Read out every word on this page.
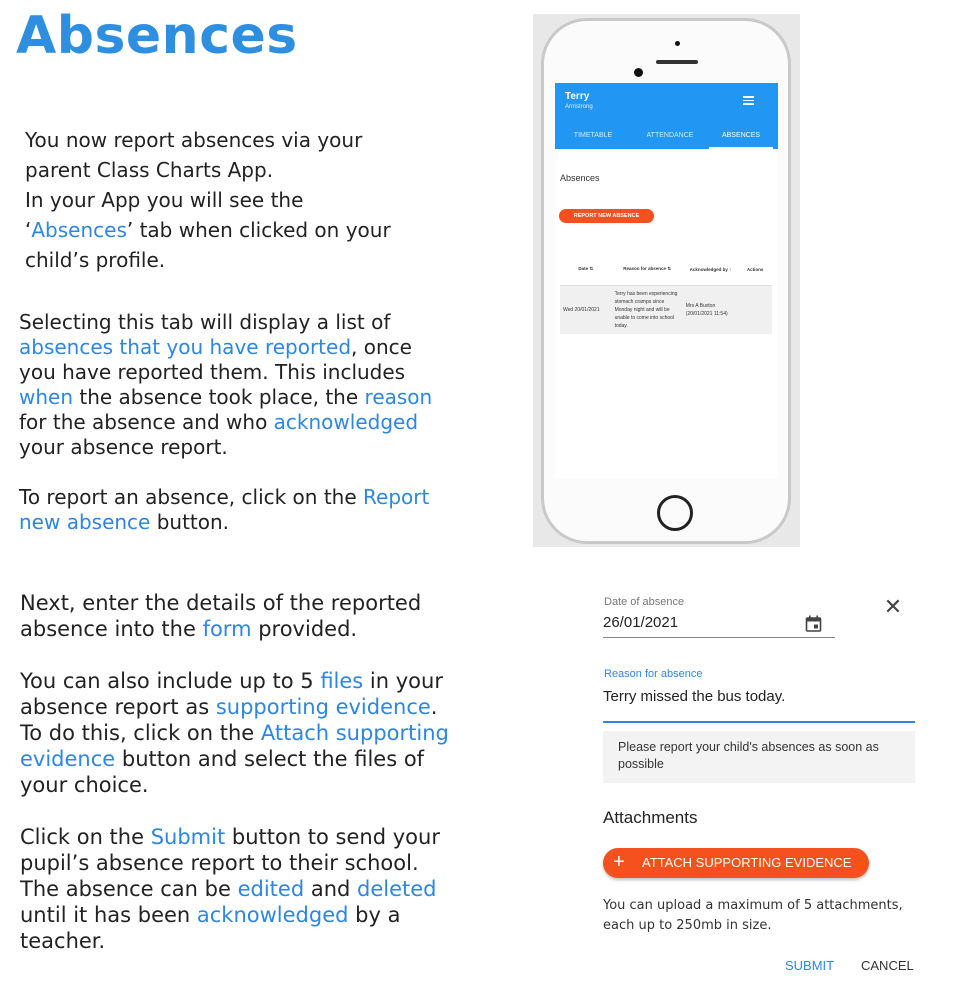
Absences
You now report absences via your
parent Class Charts App.
In your App you will see the
‘Absences’ tab when clicked on your
child’s profile.
Selecting this tab will display a list of absences that you have reported, once you have reported them. This includes when the absence took place, the reason for the absence and who acknowledged your absence report.
To report an absence, click on the Report new absence button.
Next, enter the details of the reported absence into the form provided.
You can also include up to 5 files in your absence report as supporting evidence. To do this, click on the Attach supporting evidence button and select the files of your choice.
Click on the Submit button to send your pupil’s absence report to their school. The absence can be edited and deleted until it has been acknowledged by a teacher.
Terry
Armstrong
TIMETABLE	ATTENDANCE	ABSENCES
Absences
REPORT NEW ABSENCE
Date ⇅	Reason for absence ⇅	Acknowledged by ↑	Actions
Wed 20/01/2021	Terry has been experiencing stomach cramps since Monday night and will be unable to come into school today.	Mrs A Buxton (20/01/2021 11:54)	
Date of absence
26/01/2021
✕
Reason for absence
Terry missed the bus today.
Please report your child's absences as soon as possible
Attachments
+ ATTACH SUPPORTING EVIDENCE
You can upload a maximum of 5 attachments,
each up to 250mb in size.
SUBMIT CANCEL
